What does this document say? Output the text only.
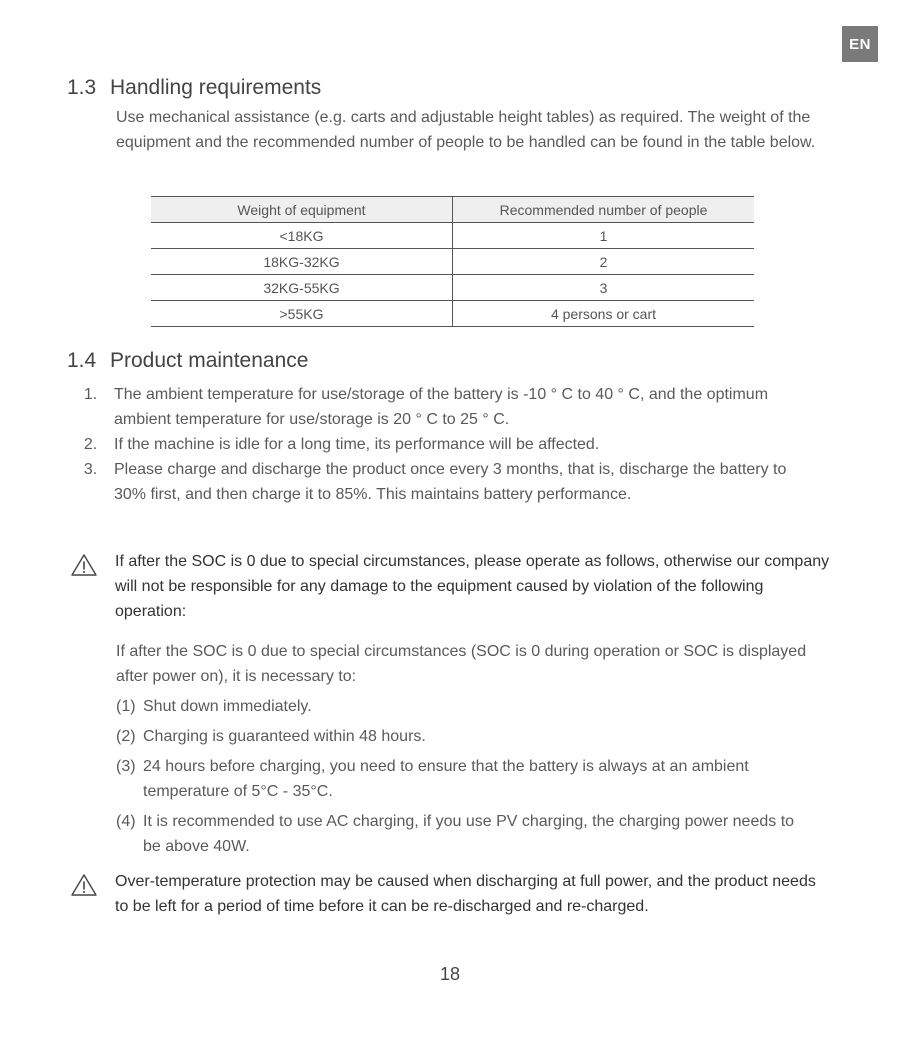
EN
1.3 Handling requirements
Use mechanical assistance (e.g. carts and adjustable height tables) as required. The weight of the equipment and the recommended number of people to be handled can be found in the table below.
Weight of equipment	Recommended number of people
<18KG	1
18KG-32KG	2
32KG-55KG	3
>55KG	4 persons or cart
1.4 Product maintenance
1.	The ambient temperature for use/storage of the battery is -10 ° C to 40 ° C, and the optimum ambient temperature for use/storage is 20 ° C to 25 ° C.
2.	If the machine is idle for a long time, its performance will be affected.
3.	Please charge and discharge the product once every 3 months, that is, discharge the battery to 30% first, and then charge it to 85%. This maintains battery performance.
If after the SOC is 0 due to special circumstances, please operate as follows, otherwise our company will not be responsible for any damage to the equipment caused by violation of the following operation:
If after the SOC is 0 due to special circumstances (SOC is 0 during operation or SOC is displayed after power on), it is necessary to:
(1) Shut down immediately.
(2) Charging is guaranteed within 48 hours.
(3) 24 hours before charging, you need to ensure that the battery is always at an ambient temperature of 5°C - 35°C.
(4) It is recommended to use AC charging, if you use PV charging, the charging power needs to be above 40W.
Over-temperature protection may be caused when discharging at full power, and the product needs to be left for a period of time before it can be re-discharged and re-charged.
18
